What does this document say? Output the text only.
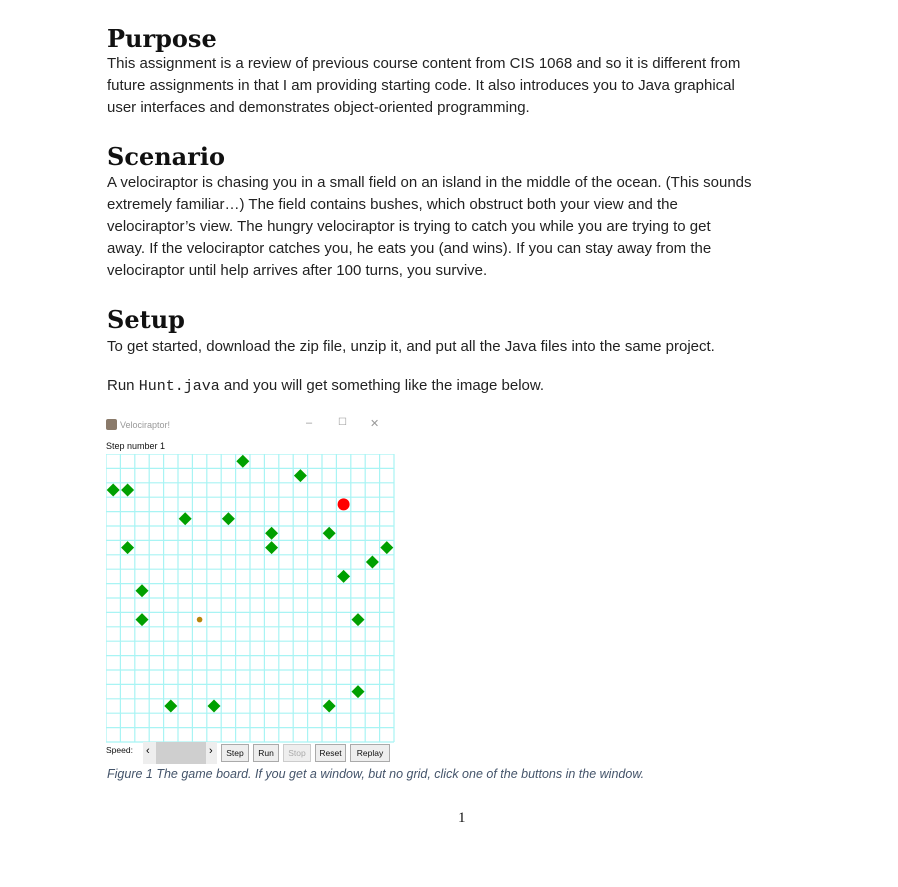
Purpose
This assignment is a review of previous course content from CIS 1068 and so it is different from
future assignments in that I am providing starting code. It also introduces you to Java graphical
user interfaces and demonstrates object-oriented programming.
Scenario
A velociraptor is chasing you in a small field on an island in the middle of the ocean. (This sounds
extremely familiar…) The field contains bushes, which obstruct both your view and the
velociraptor’s view. The hungry velociraptor is trying to catch you while you are trying to get
away. If the velociraptor catches you, he eats you (and wins). If you can stay away from the
velociraptor until help arrives after 100 turns, you survive.
Setup
To get started, download the zip file, unzip it, and put all the Java files into the same project.
Run Hunt.java and you will get something like the image below.
Velociraptor!	–	☐ ✕
Step number 1
Speed: ‹	›	Step	Run	Stop	Reset	Replay
Figure 1 The game board. If you get a window, but no grid, click one of the buttons in the window.
1
